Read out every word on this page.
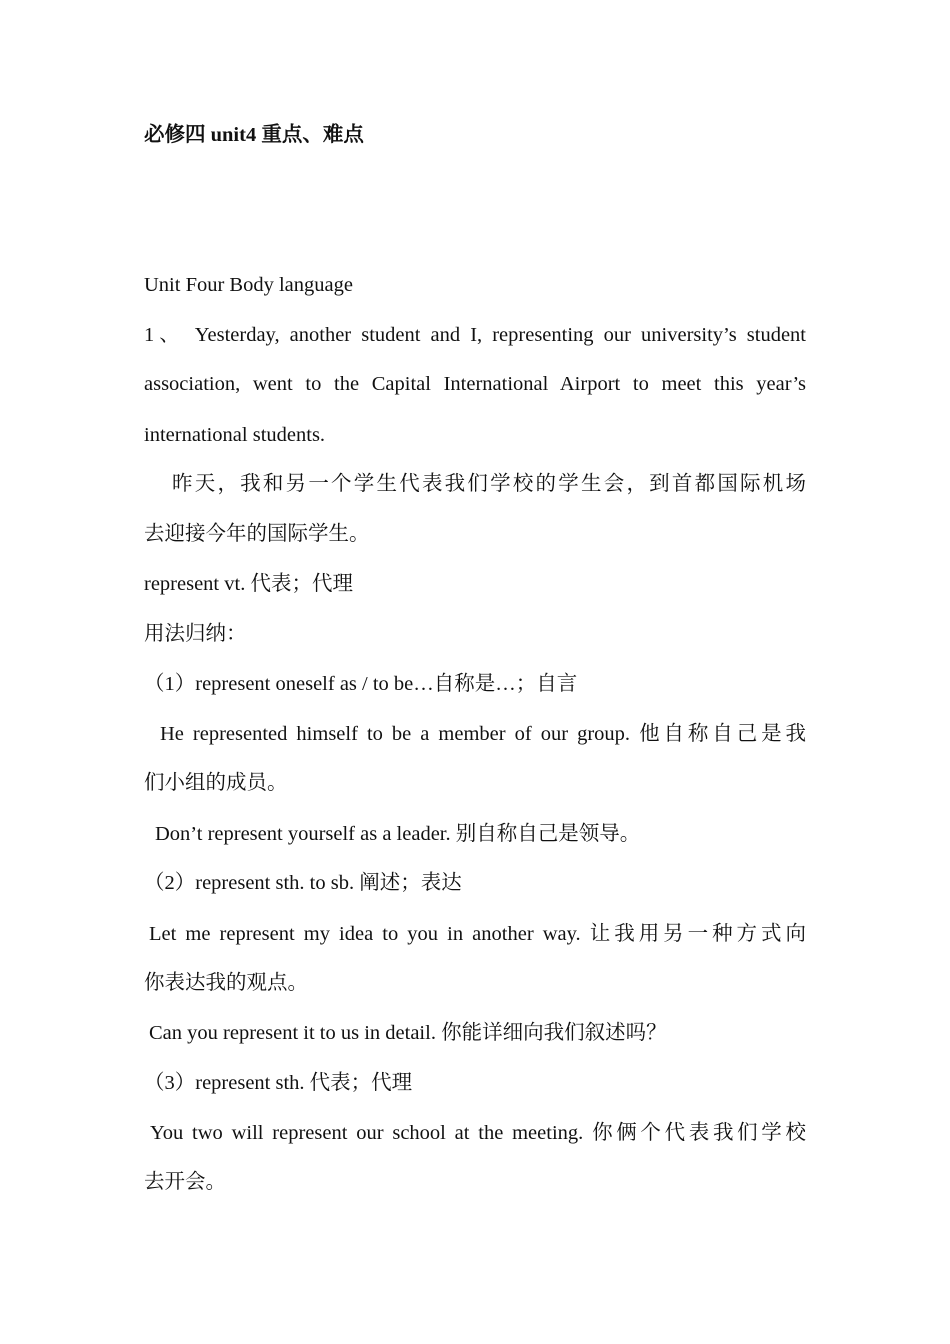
必修四 unit4 重点、难点
Unit Four Body language
1、 Yesterday, another student and I, representing our university’s student
association, went to the Capital International Airport to meet this year’s
international students.
昨天，我和另一个学生代表我们学校的学生会，到首都国际机场
去迎接今年的国际学生。
represent vt. 代表；代理
用法归纳：
（1）represent oneself as / to be…自称是…；自言
He represented himself to be a member of our group. 他自称自己是我
们小组的成员。
Don’t represent yourself as a leader. 别自称自己是领导。
（2）represent sth. to sb. 阐述；表达
Let me represent my idea to you in another way. 让我用另一种方式向
你表达我的观点。
Can you represent it to us in detail. 你能详细向我们叙述吗？
（3）represent sth. 代表；代理
You two will represent our school at the meeting. 你俩个代表我们学校
去开会。
